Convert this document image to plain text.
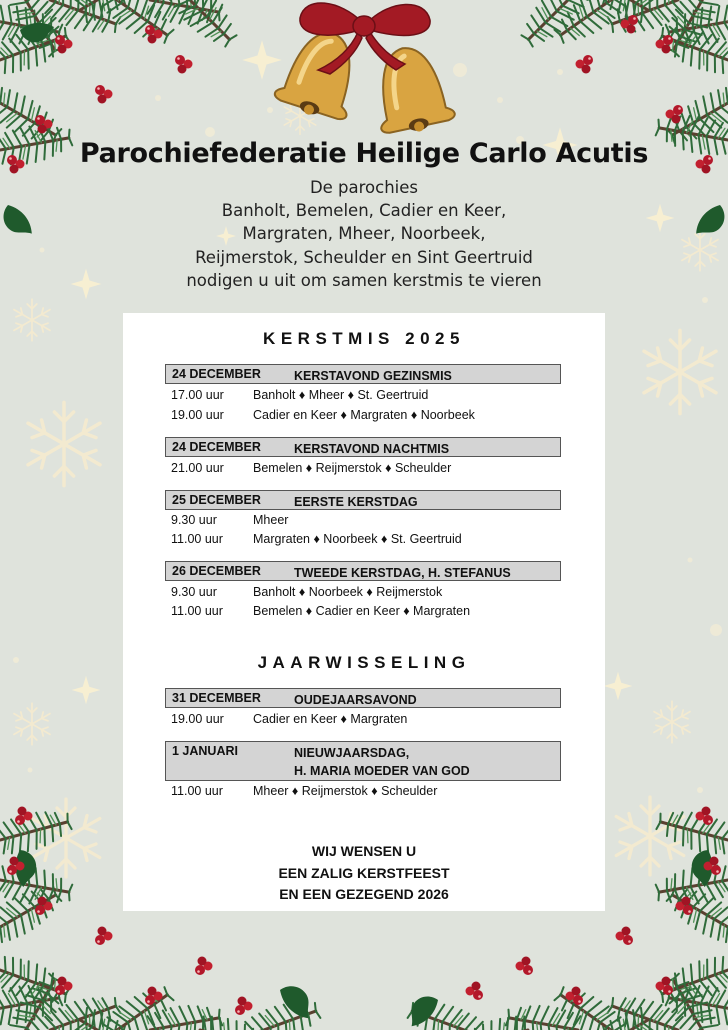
Parochiefederatie Heilige Carlo Acutis
De parochies
Banholt, Bemelen, Cadier en Keer,
Margraten, Mheer, Noorbeek,
Reijmerstok, Scheulder en Sint Geertruid
nodigen u uit om samen kerstmis te vieren
KERSTMIS 2025
24 DECEMBER	KERSTAVOND GEZINSMIS
17.00 uur Banholt ♦ Mheer ♦ St. Geertruid
19.00 uur Cadier en Keer ♦ Margraten ♦ Noorbeek
24 DECEMBER	KERSTAVOND NACHTMIS
21.00 uur Bemelen ♦ Reijmerstok ♦ Scheulder
25 DECEMBER	EERSTE KERSTDAG
9.30 uur	Mheer
11.00 uur Margraten ♦ Noorbeek ♦ St. Geertruid
26 DECEMBER	TWEEDE KERSTDAG, H. STEFANUS
9.30 uur	Banholt ♦ Noorbeek ♦ Reijmerstok
11.00 uur Bemelen ♦ Cadier en Keer ♦ Margraten
JAARWISSELING
31 DECEMBER	OUDEJAARSAVOND
19.00 uur Cadier en Keer ♦ Margraten
1 JANUARI	NIEUWJAARSDAG,
H. MARIA MOEDER VAN GOD
11.00 uur Mheer ♦ Reijmerstok ♦ Scheulder
WIJ WENSEN U
EEN ZALIG KERSTFEEST
EN EEN GEZEGEND 2026
